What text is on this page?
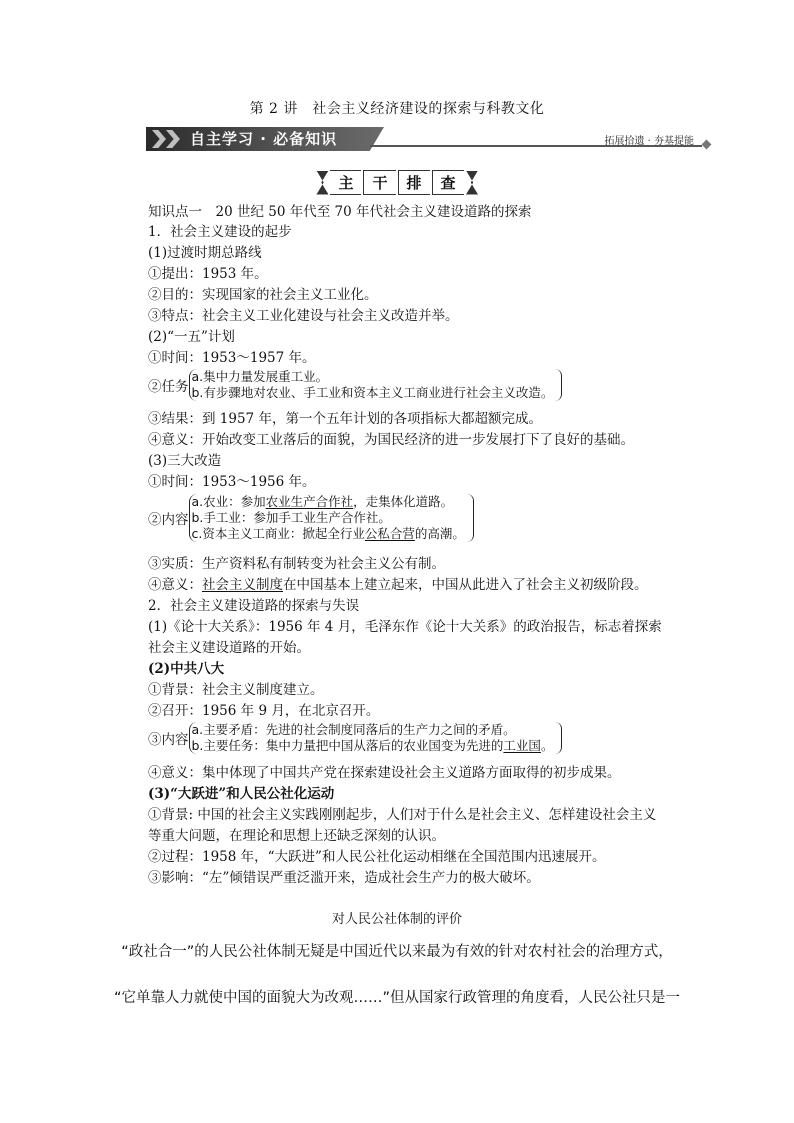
第 2 讲　社会主义经济建设的探索与科教文化
自主学习 · 必备知识	拓展拾遗 · 夯基提能
主	干	排	查
知识点一　20 世纪 50 年代至 70 年代社会主义建设道路的探索
1．社会主义建设的起步
(1)过渡时期总路线
①提出：1953 年。
②目的：实现国家的社会主义工业化。
③特点：社会主义工业化建设与社会主义改造并举。
(2)“一五”计划
①时间：1953～1957 年。
②任务
a.集中力量发展重工业。
b.有步骤地对农业、手工业和资本主义工商业进行社会主义改造。
③结果：到 1957 年，第一个五年计划的各项指标大都超额完成。
④意义：开始改变工业落后的面貌，为国民经济的进一步发展打下了良好的基础。
(3)三大改造
①时间：1953～1956 年。
②内容
a.农业：参加农业生产合作社，走集体化道路。
b.手工业：参加手工业生产合作社。
c.资本主义工商业：掀起全行业公私合营的高潮。
③实质：生产资料私有制转变为社会主义公有制。
④意义：社会主义制度在中国基本上建立起来，中国从此进入了社会主义初级阶段。
2．社会主义建设道路的探索与失误
(1)《论十大关系》：1956 年 4 月，毛泽东作《论十大关系》的政治报告，标志着探索
社会主义建设道路的开始。
(2)中共八大
①背景：社会主义制度建立。
②召开：1956 年 9 月，在北京召开。
③内容
a.主要矛盾：先进的社会制度同落后的生产力之间的矛盾。
b.主要任务：集中力量把中国从落后的农业国变为先进的工业国。
④意义：集中体现了中国共产党在探索建设社会主义道路方面取得的初步成果。
(3)“大跃进”和人民公社化运动
①背景: 中国的社会主义实践刚刚起步，人们对于什么是社会主义、怎样建设社会主义
等重大问题，在理论和思想上还缺乏深刻的认识。
②过程：1958 年，“大跃进”和人民公社化运动相继在全国范围内迅速展开。
③影响：“左”倾错误严重泛滥开来，造成社会生产力的极大破坏。
对人民公社体制的评价
“政社合一”的人民公社体制无疑是中国近代以来最为有效的针对农村社会的治理方式，
“它单靠人力就使中国的面貌大为改观……”但从国家行政管理的角度看，人民公社只是一
